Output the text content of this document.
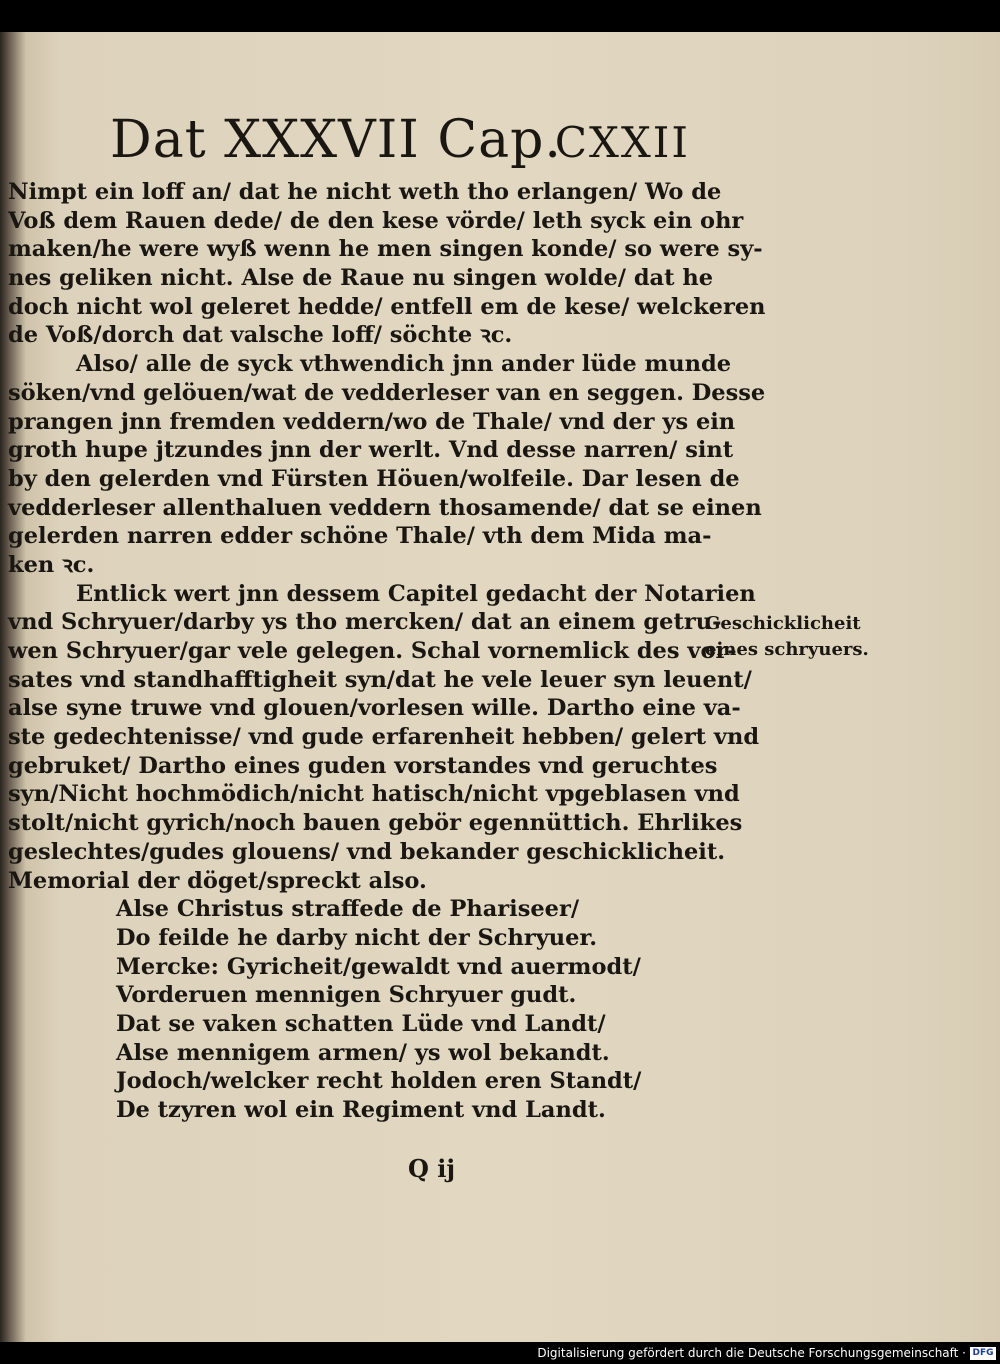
Dat XXXVII Cap.
CXXII
Nimpt ein loff an/ dat he nicht weth tho erlangen/ Wo de
Voß dem Rauen dede/ de den kese vörde/ leth syck ein ohr
maken/he were wyß wenn he men singen konde/ so were sy-
nes geliken nicht. Alse de Raue nu singen wolde/ dat he
doch nicht wol geleret hedde/ entfell em de kese/ welckeren
de Voß/dorch dat valsche loff/ söchte ꝛc.
Also/ alle de syck vthwendich jnn ander lüde munde
söken/vnd gelöuen/wat de vedderleser van en seggen. Desse
prangen jnn fremden veddern/wo de Thale/ vnd der ys ein
groth hupe jtzundes jnn der werlt. Vnd desse narren/ sint
by den gelerden vnd Fürsten Höuen/wolfeile. Dar lesen de
vedderleser allenthaluen veddern thosamende/ dat se einen
gelerden narren edder schöne Thale/ vth dem Mida ma-
ken ꝛc.
Entlick wert jnn dessem Capitel gedacht der Notarien
vnd Schryuer/darby ys tho mercken/ dat an einem getru-
wen Schryuer/gar vele gelegen. Schal vornemlick des vor-
sates vnd standhafftigheit syn/dat he vele leuer syn leuent/
alse syne truwe vnd glouen/vorlesen wille. Dartho eine va-
ste gedechtenisse/ vnd gude erfarenheit hebben/ gelert vnd
gebruket/ Dartho eines guden vorstandes vnd geruchtes
syn/Nicht hochmödich/nicht hatisch/nicht vpgeblasen vnd
stolt/nicht gyrich/noch bauen gebör egennüttich. Ehrlikes
geslechtes/gudes glouens/ vnd bekander geschicklicheit.
Memorial der döget/spreckt also.
Alse Christus straffede de Phariseer/
Do feilde he darby nicht der Schryuer.
Mercke: Gyricheit/gewaldt vnd auermodt/
Vorderuen mennigen Schryuer gudt.
Dat se vaken schatten Lüde vnd Landt/
Alse mennigem armen/ ys wol bekandt.
Jodoch/welcker recht holden eren Standt/
De tzyren wol ein Regiment vnd Landt.
Geschicklicheit
eines schryuers.
Q ij
Digitalisierung gefördert durch die Deutsche Forschungsgemeinschaft · DFG
